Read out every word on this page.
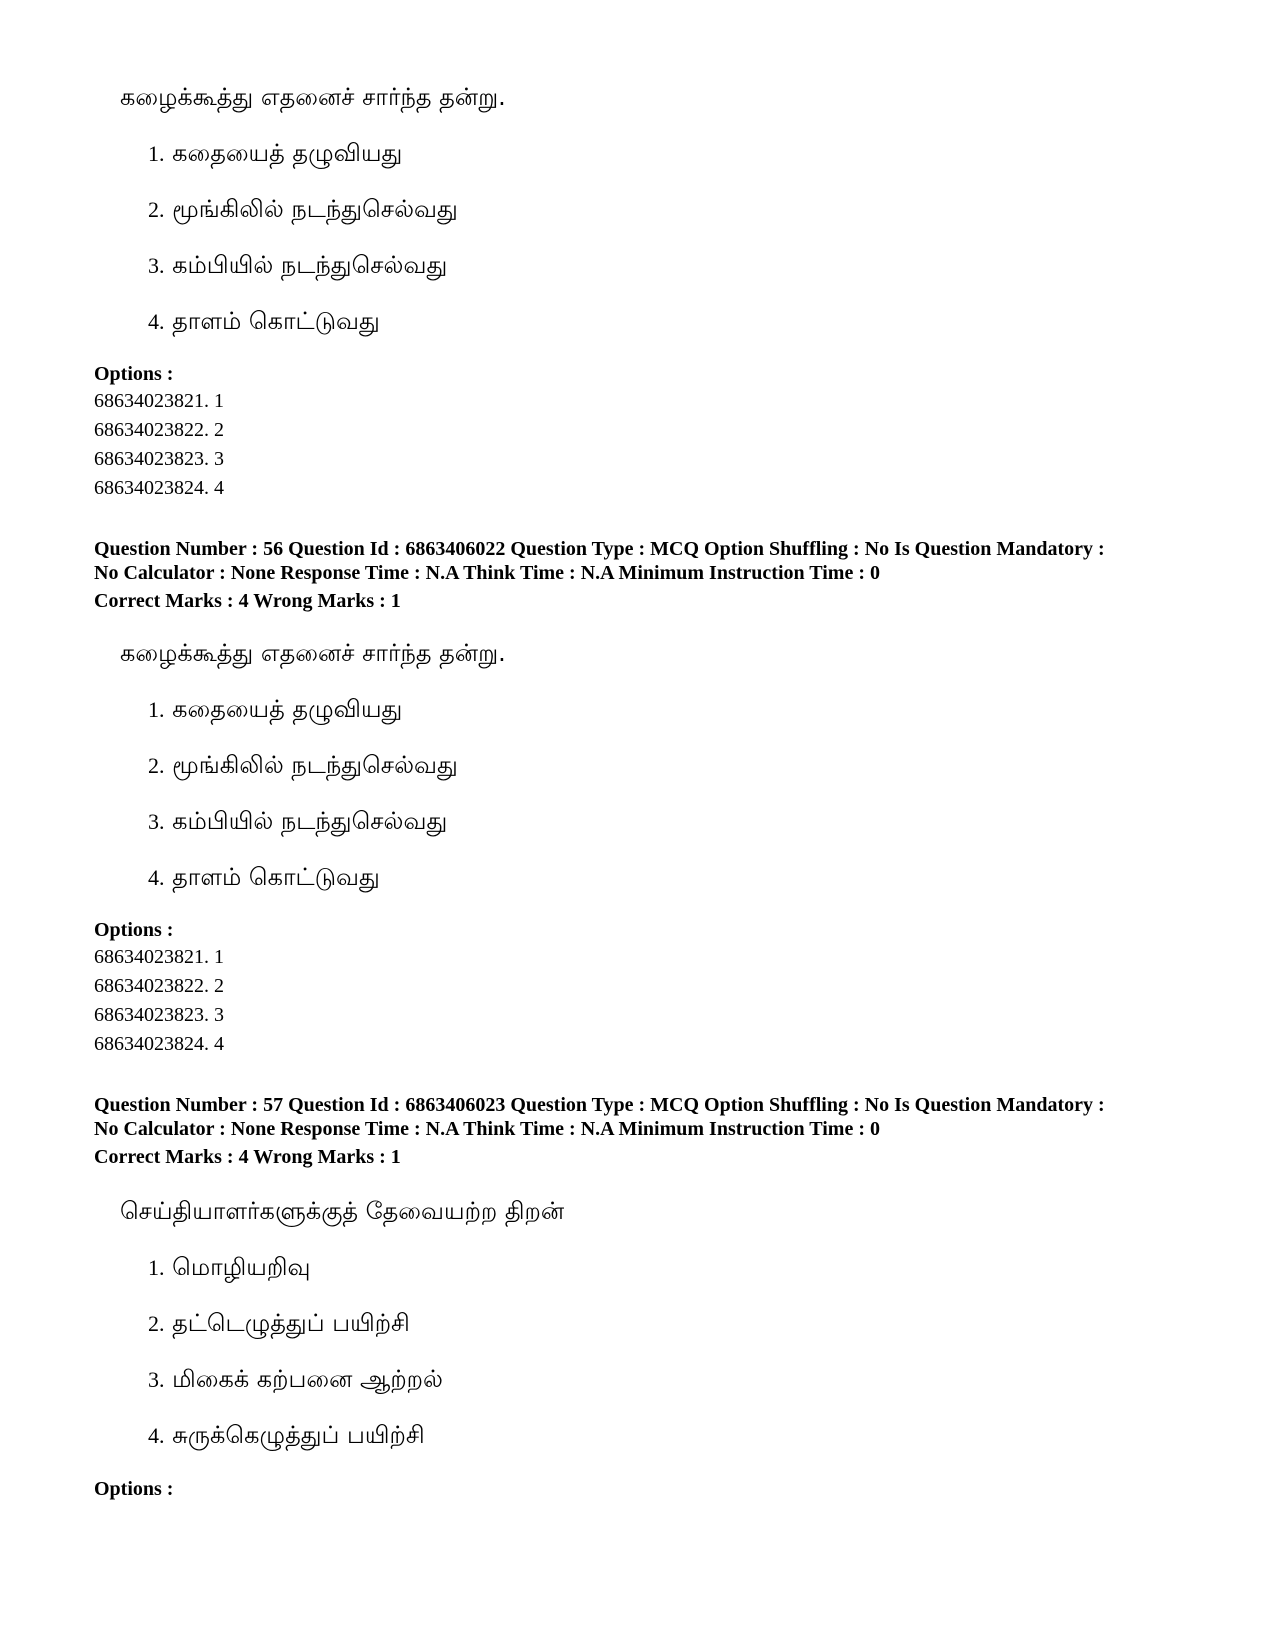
கழைக்கூத்து எதனைச் சார்ந்த தன்று.
1. கதையைத் தழுவியது
2. மூங்கிலில் நடந்துசெல்வது
3. கம்பியில் நடந்துசெல்வது
4. தாளம் கொட்டுவது
Options :
68634023821. 1
68634023822. 2
68634023823. 3
68634023824. 4
Question Number : 56 Question Id : 6863406022 Question Type : MCQ Option Shuffling : No Is Question Mandatory :
No Calculator : None Response Time : N.A Think Time : N.A Minimum Instruction Time : 0
Correct Marks : 4 Wrong Marks : 1
கழைக்கூத்து எதனைச் சார்ந்த தன்று.
1. கதையைத் தழுவியது
2. மூங்கிலில் நடந்துசெல்வது
3. கம்பியில் நடந்துசெல்வது
4. தாளம் கொட்டுவது
Options :
68634023821. 1
68634023822. 2
68634023823. 3
68634023824. 4
Question Number : 57 Question Id : 6863406023 Question Type : MCQ Option Shuffling : No Is Question Mandatory :
No Calculator : None Response Time : N.A Think Time : N.A Minimum Instruction Time : 0
Correct Marks : 4 Wrong Marks : 1
செய்தியாளர்களுக்குத் தேவையற்ற திறன்
1. மொழியறிவு
2. தட்டெழுத்துப் பயிற்சி
3. மிகைக் கற்பனை ஆற்றல்
4. சுருக்கெழுத்துப் பயிற்சி
Options :
